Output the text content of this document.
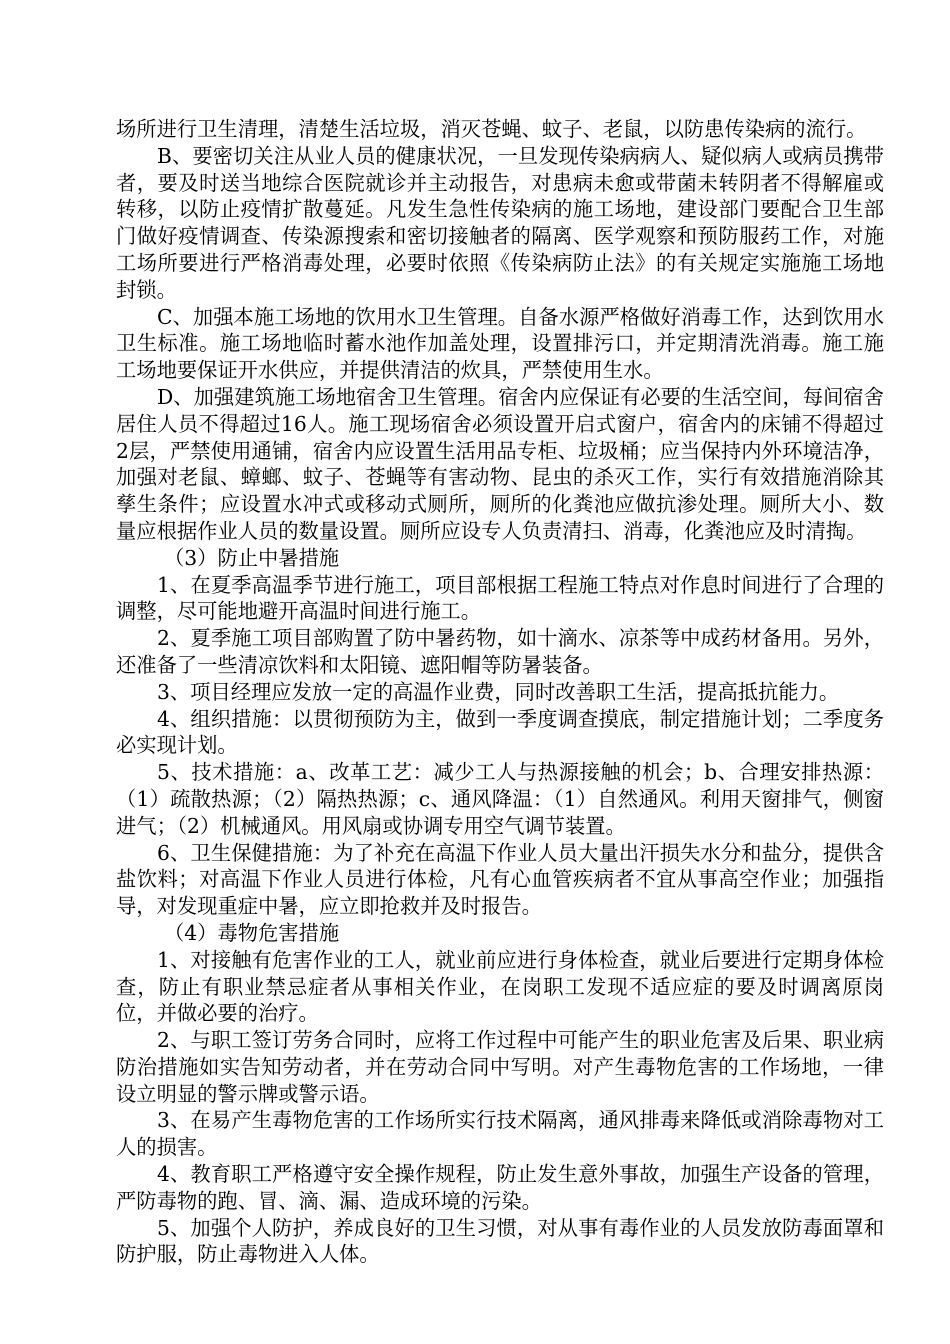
场所进行卫生清理，清楚生活垃圾，消灭苍蝇、蚊子、老鼠，以防患传染病的流行。

B、要密切关注从业人员的健康状况，一旦发现传染病病人、疑似病人或病员携带者，要及时送当地综合医院就诊并主动报告，对患病未愈或带菌未转阴者不得解雇或转移，以防止疫情扩散蔓延。凡发生急性传染病的施工场地，建设部门要配合卫生部门做好疫情调查、传染源搜索和密切接触者的隔离、医学观察和预防服药工作，对施工场所要进行严格消毒处理，必要时依照《传染病防止法》的有关规定实施施工场地封锁。

C、加强本施工场地的饮用水卫生管理。自备水源严格做好消毒工作，达到饮用水卫生标准。施工场地临时蓄水池作加盖处理，设置排污口，并定期清洗消毒。施工施工场地要保证开水供应，并提供清洁的炊具，严禁使用生水。

D、加强建筑施工场地宿舍卫生管理。宿舍内应保证有必要的生活空间，每间宿舍居住人员不得超过16人。施工现场宿舍必须设置开启式窗户，宿舍内的床铺不得超过2层，严禁使用通铺，宿舍内应设置生活用品专柜、垃圾桶；应当保持内外环境洁净，加强对老鼠、蟑螂、蚊子、苍蝇等有害动物、昆虫的杀灭工作，实行有效措施消除其孳生条件；应设置水冲式或移动式厕所，厕所的化粪池应做抗渗处理。厕所大小、数量应根据作业人员的数量设置。厕所应设专人负责清扫、消毒，化粪池应及时清掏。

（3）防止中暑措施

1、在夏季高温季节进行施工，项目部根据工程施工特点对作息时间进行了合理的调整，尽可能地避开高温时间进行施工。

2、夏季施工项目部购置了防中暑药物，如十滴水、凉茶等中成药材备用。另外，还准备了一些清凉饮料和太阳镜、遮阳帽等防暑装备。

3、项目经理应发放一定的高温作业费，同时改善职工生活，提高抵抗能力。

4、组织措施：以贯彻预防为主，做到一季度调查摸底，制定措施计划；二季度务必实现计划。

5、技术措施：a、改革工艺：减少工人与热源接触的机会；b、合理安排热源：（1）疏散热源；（2）隔热热源；c、通风降温：（1）自然通风。利用天窗排气，侧窗进气；（2）机械通风。用风扇或协调专用空气调节装置。

6、卫生保健措施：为了补充在高温下作业人员大量出汗损失水分和盐分，提供含盐饮料；对高温下作业人员进行体检，凡有心血管疾病者不宜从事高空作业；加强指导，对发现重症中暑，应立即抢救并及时报告。

（4）毒物危害措施

1、对接触有危害作业的工人，就业前应进行身体检查，就业后要进行定期身体检查，防止有职业禁忌症者从事相关作业，在岗职工发现不适应症的要及时调离原岗位，并做必要的治疗。

2、与职工签订劳务合同时，应将工作过程中可能产生的职业危害及后果、职业病防治措施如实告知劳动者，并在劳动合同中写明。对产生毒物危害的工作场地，一律设立明显的警示牌或警示语。

3、在易产生毒物危害的工作场所实行技术隔离，通风排毒来降低或消除毒物对工人的损害。

4、教育职工严格遵守安全操作规程，防止发生意外事故，加强生产设备的管理，严防毒物的跑、冒、滴、漏、造成环境的污染。

5、加强个人防护，养成良好的卫生习惯，对从事有毒作业的人员发放防毒面罩和防护服，防止毒物进入人体。
